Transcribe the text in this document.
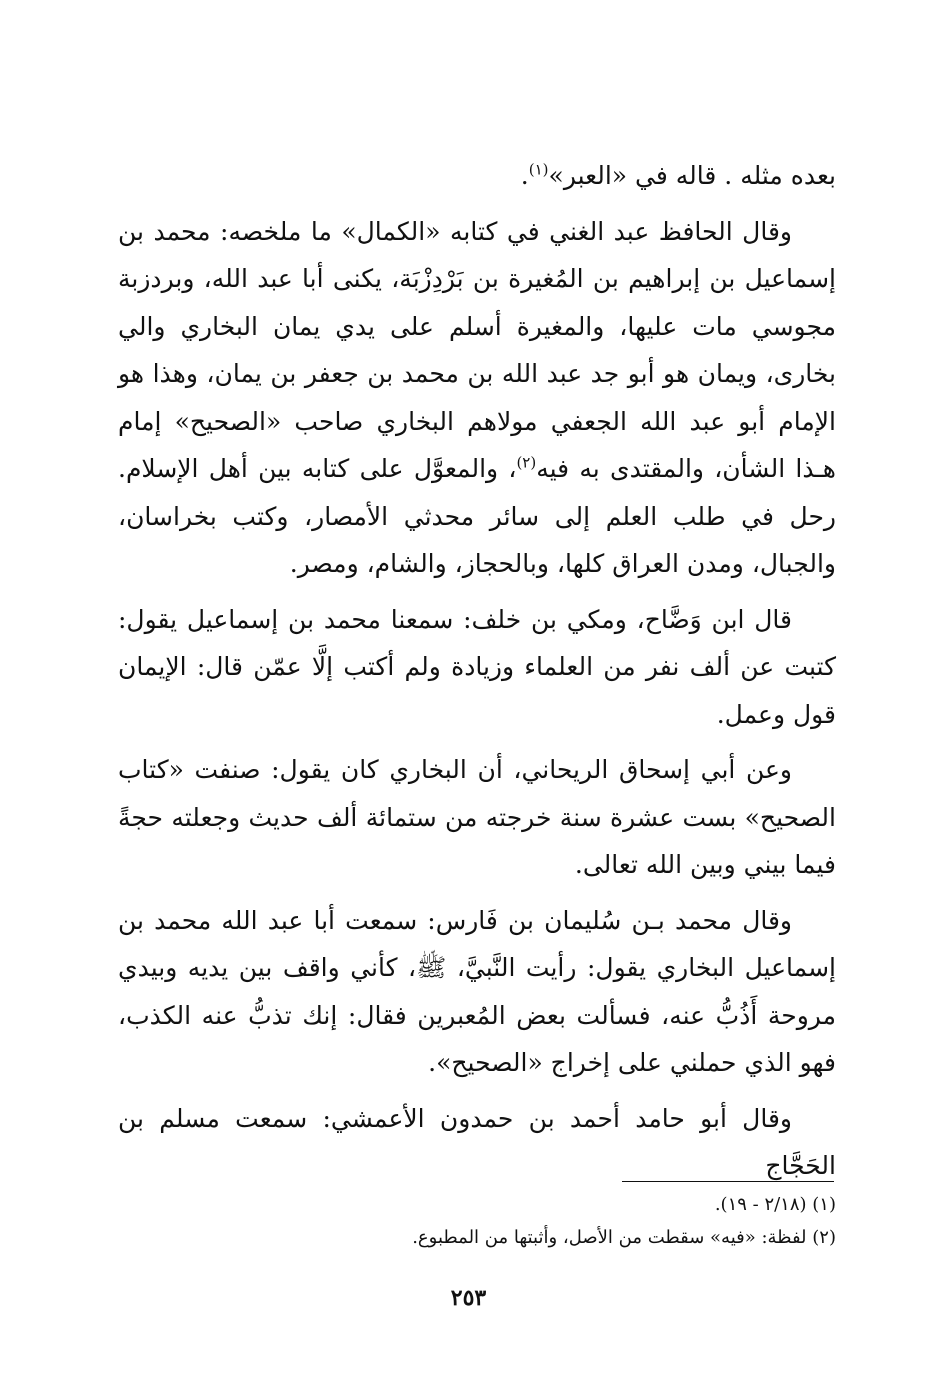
بعده مثله . قاله في «العبر»$^{(١)}$.

وقال الحافظ عبد الغني في كتابه «الكمال» ما ملخصه: محمد بن إسماعيل بن إبراهيم بن المُغيرة بن بَرْدِزْبَة، يكنى أبا عبد الله، وبردزبة مجوسي مات عليها، والمغيرة أسلم على يدي يمان البخاري والي بخارى، ويمان هو أبو جد عبد الله بن محمد بن جعفر بن يمان، وهذا هو الإمام أبو عبد الله الجعفي مولاهم البخاري صاحب «الصحيح» إمام هـذا الشأن، والمقتدى به فيه$^{(٢)}$، والمعوَّل على كتابه بين أهل الإسلام. رحل في طلب العلم إلى سائر محدثي الأمصار، وكتب بخراسان، والجبال، ومدن العراق كلها، وبالحجاز، والشام، ومصر.

قال ابن وَضَّاح، ومكي بن خلف: سمعنا محمد بن إسماعيل يقول: كتبت عن ألف نفر من العلماء وزيادة ولم أكتب إلَّا عمّن قال: الإيمان قول وعمل.

وعن أبي إسحاق الريحاني، أن البخاري كان يقول: صنفت «كتاب الصحيح» بست عشرة سنة خرجته من ستمائة ألف حديث وجعلته حجةً فيما بيني وبين الله تعالى.

وقال محمد بـن سُليمان بن فَارس: سمعت أبا عبد الله محمد بن إسماعيل البخاري يقول: رأيت النَّبيَّ، ﷺ، كأني واقف بين يديه وبيدي مروحة أَذُبُّ عنه، فسألت بعض المُعبرين فقال: إنك تذبُّ عنه الكذب، فهو الذي حملني على إخراج «الصحيح».

وقال أبو حامد أحمد بن حمدون الأعمشي: سمعت مسلم بن الحَجَّاج

(١) (٢/١٨ - ١٩).

(٢) لفظة: «فيه» سقطت من الأصل، وأثبتها من المطبوع.

٢٥٣
